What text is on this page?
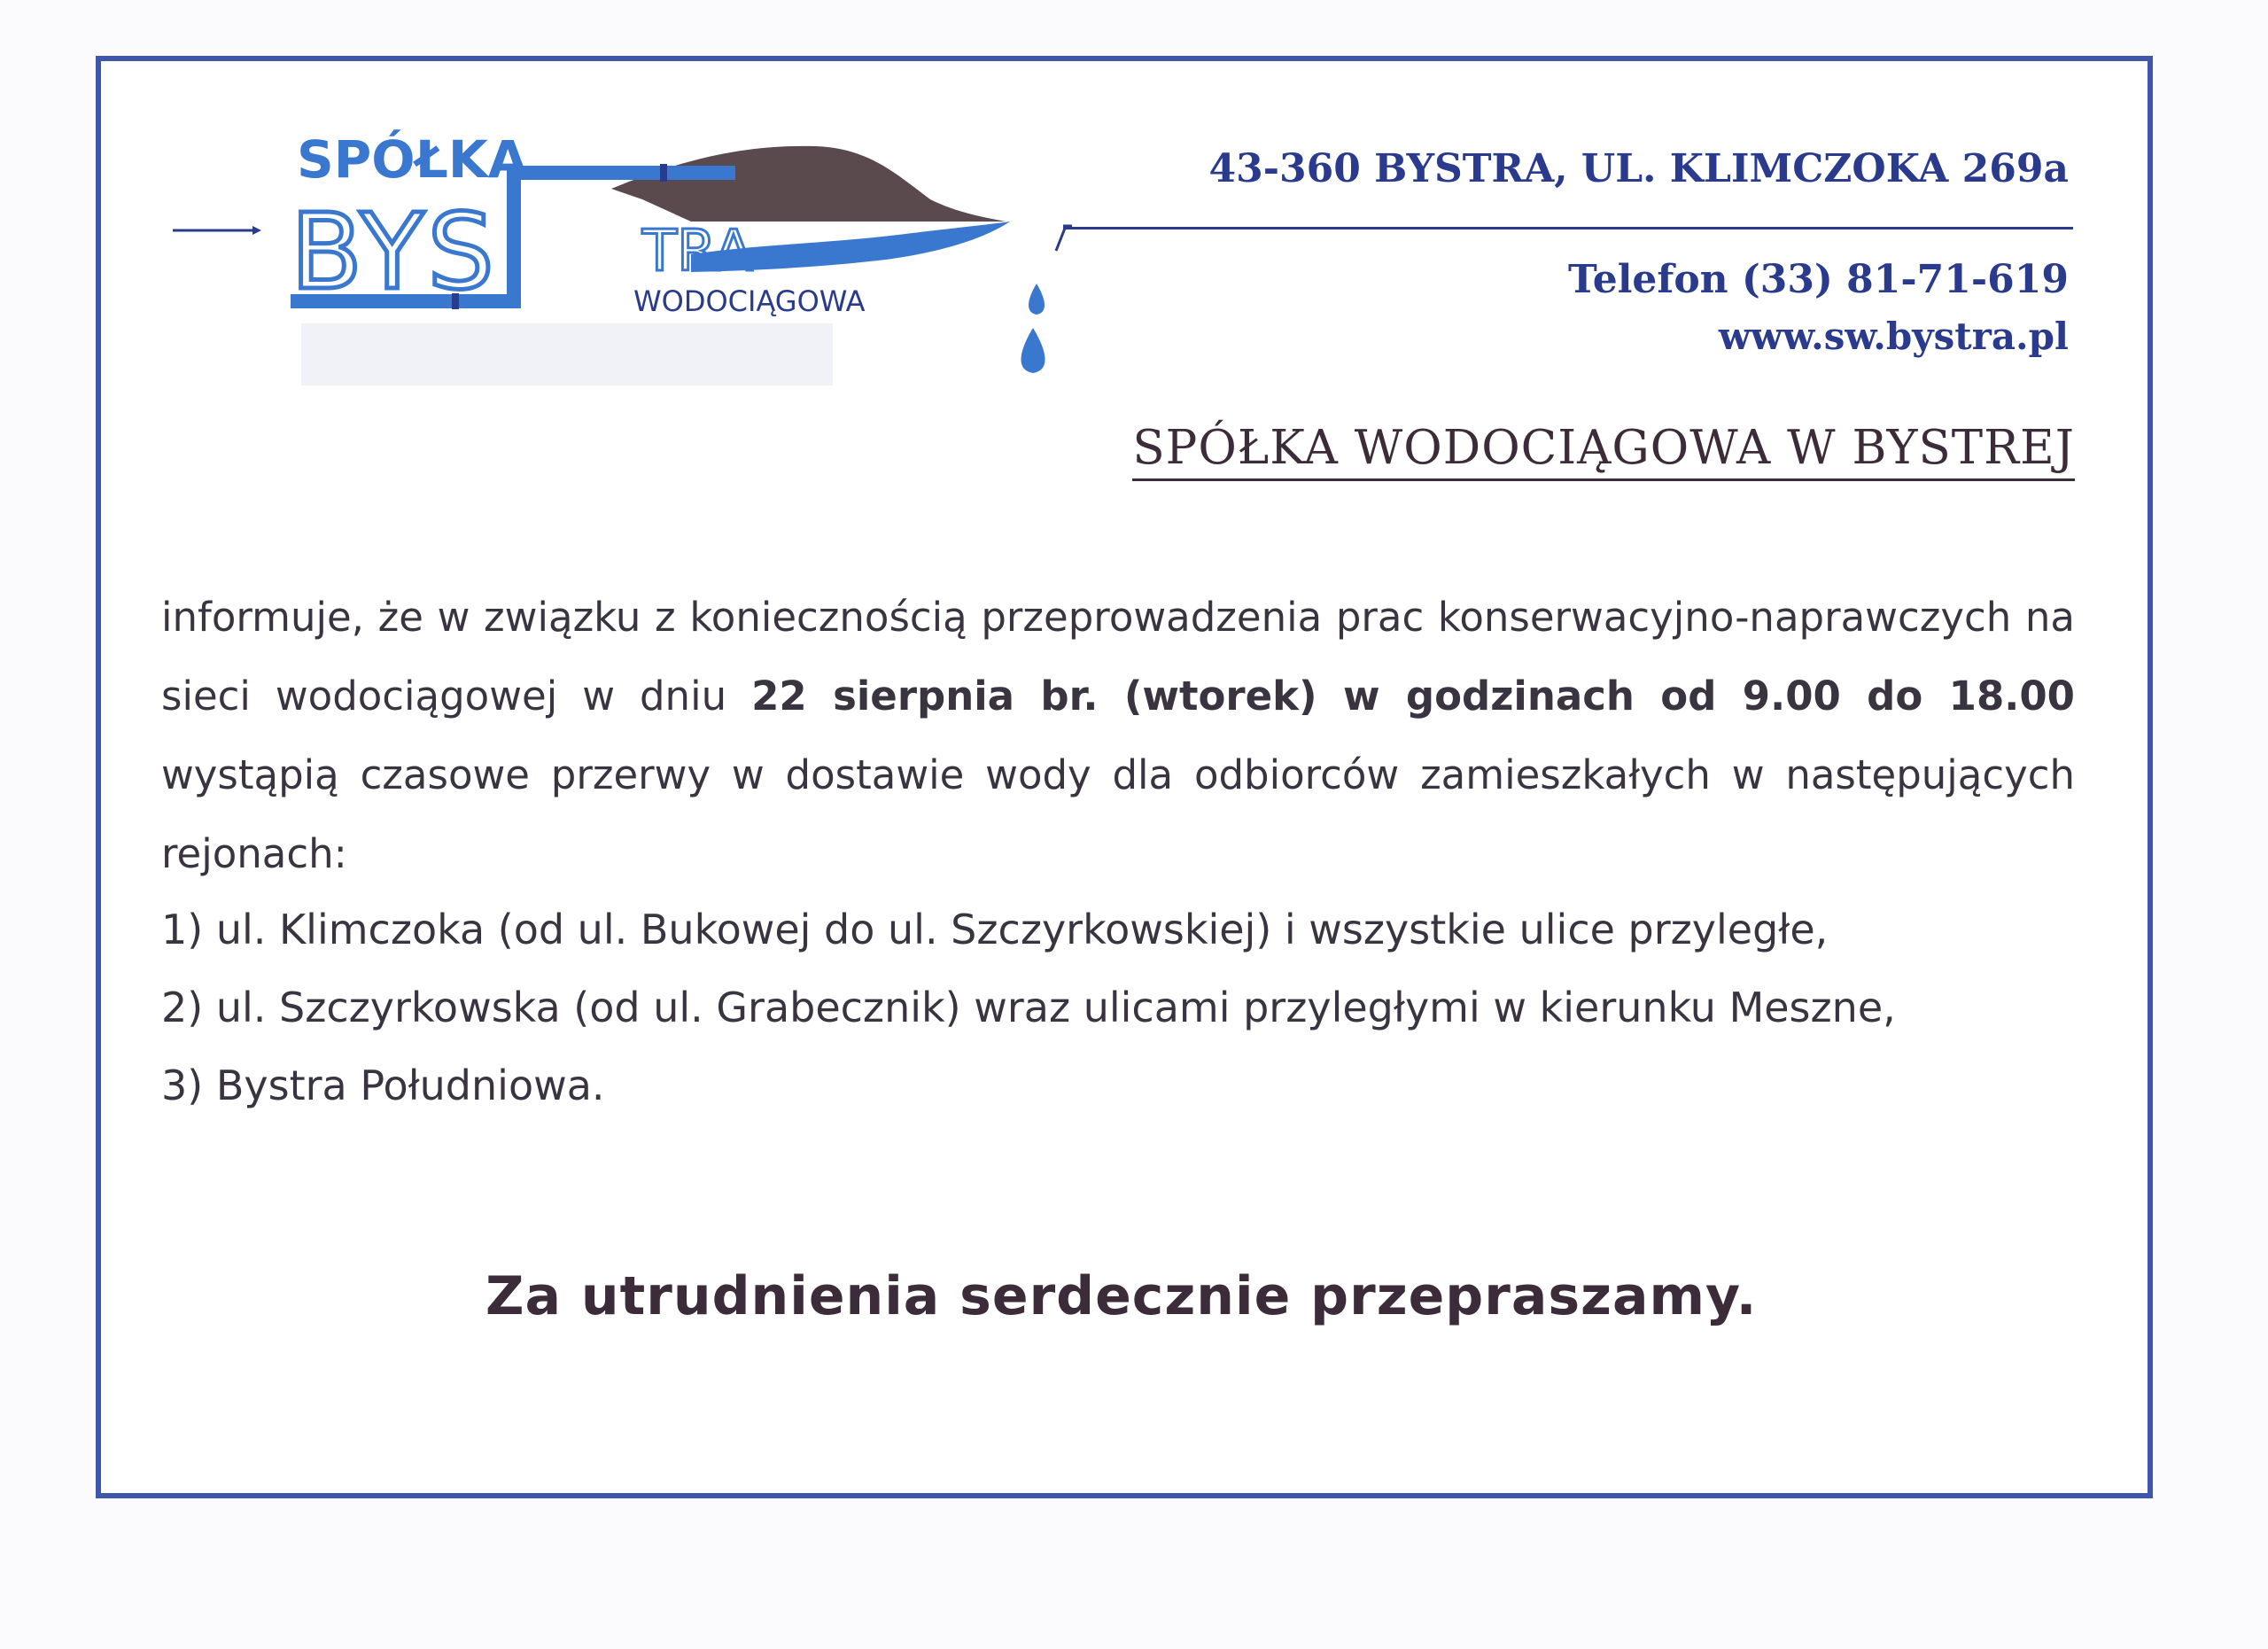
SPÓŁKA
BYS	TRA
WODOCIĄGOWA
43-360 BYSTRA, UL. KLIMCZOKA 269a
Telefon (33) 81-71-619
www.sw.bystra.pl
SPÓŁKA WODOCIĄGOWA W BYSTREJ
informuje, że w związku z koniecznością przeprowadzenia prac konserwacyjno-naprawczych na sieci wodociągowej w dniu 22 sierpnia br. (wtorek) w godzinach od 9.00 do 18.00 wystąpią czasowe przerwy w dostawie wody dla odbiorców zamieszkałych w następujących rejonach:
1) ul. Klimczoka (od ul. Bukowej do ul. Szczyrkowskiej) i wszystkie ulice przyległe,
2) ul. Szczyrkowska (od ul. Grabecznik) wraz ulicami przyległymi w kierunku Meszne,
3) Bystra Południowa.
Za utrudnienia serdecznie przepraszamy.
